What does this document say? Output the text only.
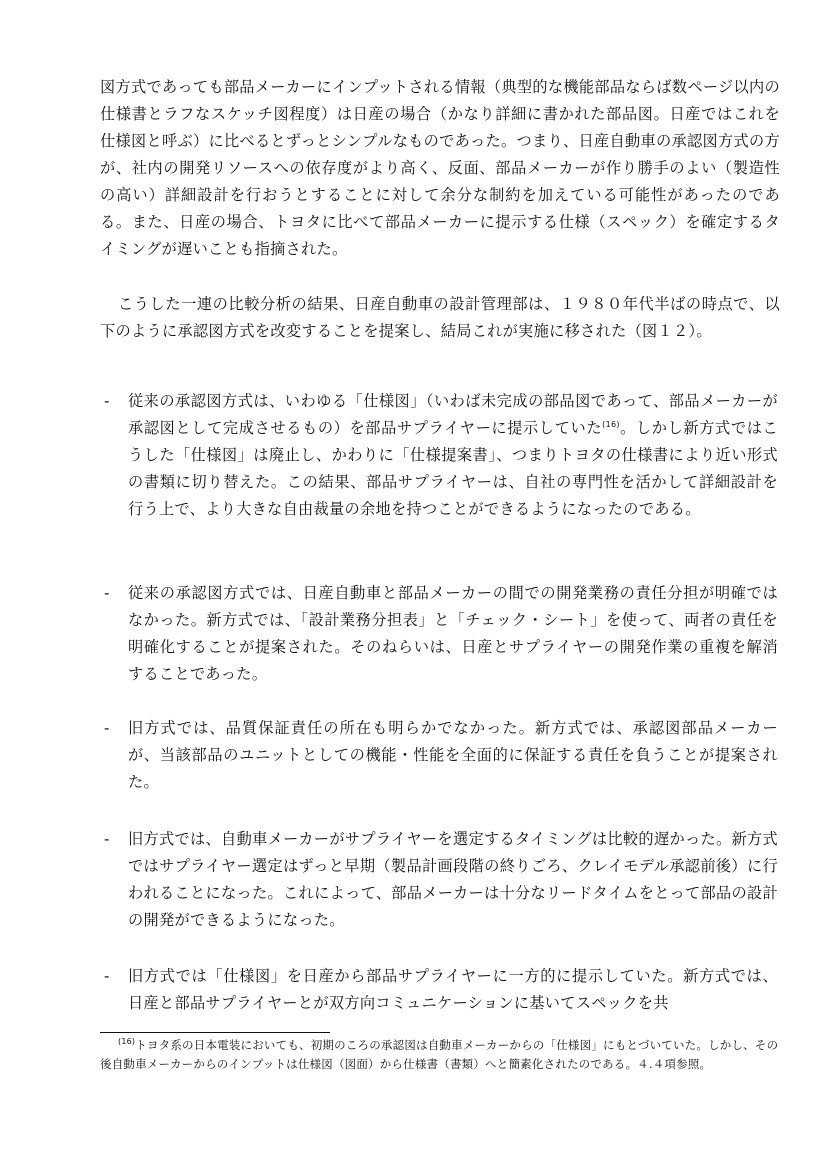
図方式であっても部品メーカーにインプットされる情報（典型的な機能部品ならば数ページ以内の仕様書とラフなスケッチ図程度）は日産の場合（かなり詳細に書かれた部品図。日産ではこれを仕様図と呼ぶ）に比べるとずっとシンプルなものであった。つまり、日産自動車の承認図方式の方が、社内の開発リソースへの依存度がより高く、反面、部品メーカーが作り勝手のよい（製造性の高い）詳細設計を行おうとすることに対して余分な制約を加えている可能性があったのである。また、日産の場合、トヨタに比べて部品メーカーに提示する仕様（スペック）を確定するタイミングが遅いことも指摘された。

こうした一連の比較分析の結果、日産自動車の設計管理部は、１９８０年代半ばの時点で、以下のように承認図方式を改変することを提案し、結局これが実施に移された（図１２）。

- 従来の承認図方式は、いわゆる「仕様図」（いわば未完成の部品図であって、部品メーカーが承認図として完成させるもの）を部品サプライヤーに提示していた$^{(16)}$。しかし新方式ではこうした「仕様図」は廃止し、かわりに「仕様提案書」、つまりトヨタの仕様書により近い形式の書類に切り替えた。この結果、部品サプライヤーは、自社の専門性を活かして詳細設計を行う上で、より大きな自由裁量の余地を持つことができるようになったのである。

- 従来の承認図方式では、日産自動車と部品メーカーの間での開発業務の責任分担が明確ではなかった。新方式では、「設計業務分担表」と「チェック・シート」を使って、両者の責任を明確化することが提案された。そのねらいは、日産とサプライヤーの開発作業の重複を解消することであった。

- 旧方式では、品質保証責任の所在も明らかでなかった。新方式では、承認図部品メーカーが、当該部品のユニットとしての機能・性能を全面的に保証する責任を負うことが提案された。

- 旧方式では、自動車メーカーがサプライヤーを選定するタイミングは比較的遅かった。新方式ではサプライヤー選定はずっと早期（製品計画段階の終りごろ、クレイモデル承認前後）に行われることになった。これによって、部品メーカーは十分なリードタイムをとって部品の設計の開発ができるようになった。

- 旧方式では「仕様図」を日産から部品サプライヤーに一方的に提示していた。新方式では、日産と部品サプライヤーとが双方向コミュニケーションに基いてスペックを共

$^{(16)}$トヨタ系の日本電装においても、初期のころの承認図は自動車メーカーからの「仕様図」にもとづいていた。しかし、その後自動車メーカーからのインプットは仕様図（図面）から仕様書（書類）へと簡素化されたのである。４.４項参照。
